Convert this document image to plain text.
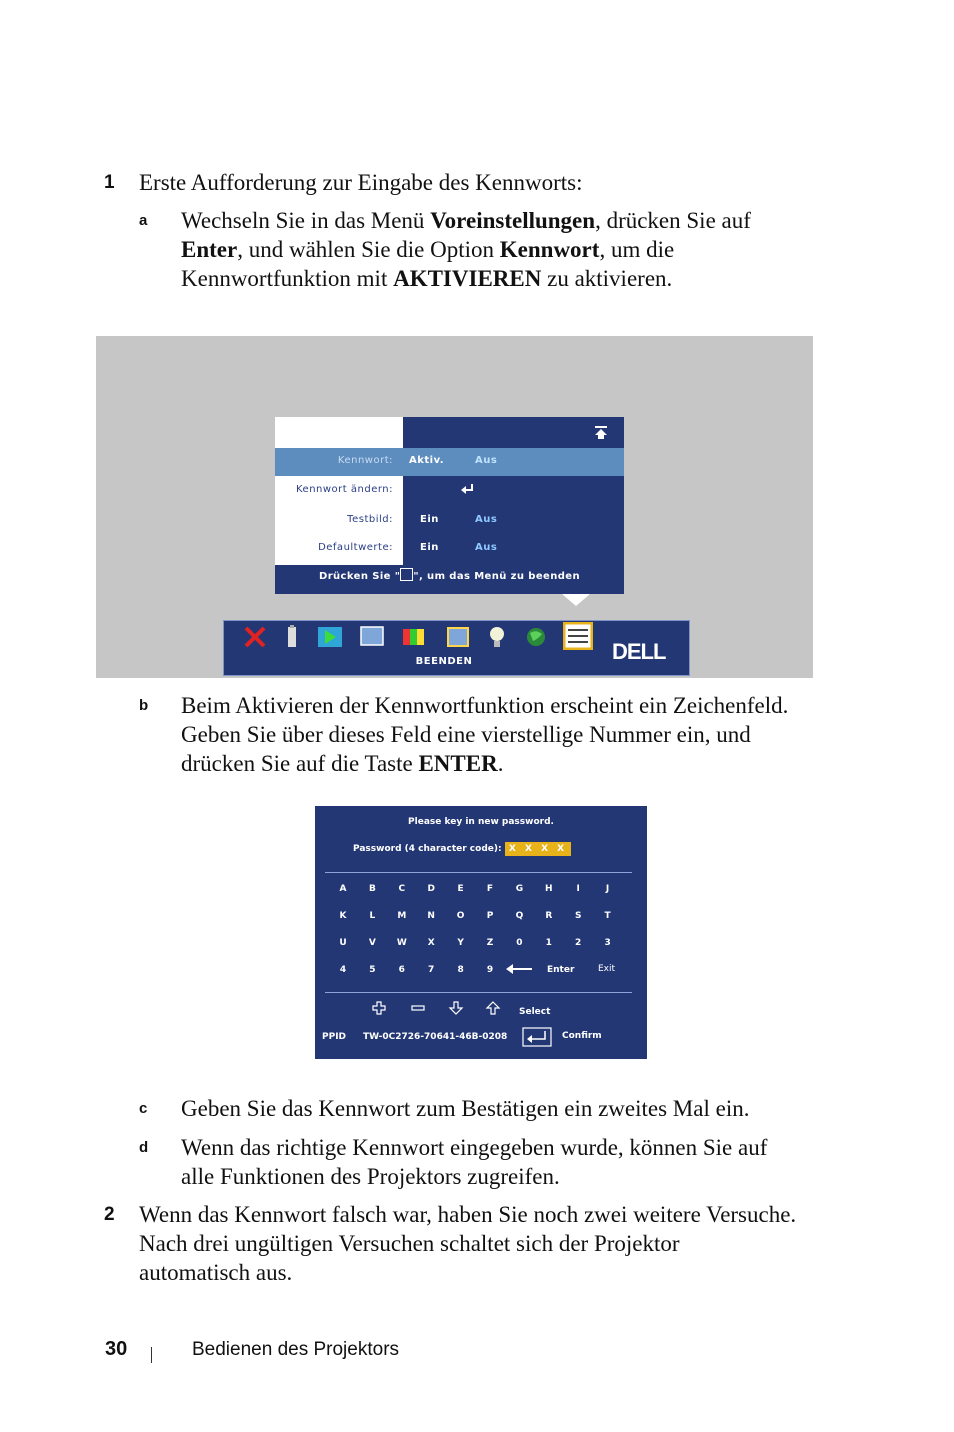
1 Erste Aufforderung zur Eingabe des Kennworts:
a Wechseln Sie in das Menü Voreinstellungen, drücken Sie auf
Enter, und wählen Sie die Option Kennwort, um die
Kennwortfunktion mit AKTIVIEREN zu aktivieren.
Kennwort: Aktiv.	Aus
Kennwort ändern:
Testbild:	Ein	Aus
Defaultwerte:	Ein	Aus
Drücken Sie " ", um das Menü zu beenden
DELL
BEENDEN
b Beim Aktivieren der Kennwortfunktion erscheint ein Zeichenfeld.
Geben Sie über dieses Feld eine vierstellige Nummer ein, und
drücken Sie auf die Taste ENTER.
Please key in new password.
Password (4 character code): X X X X
A	B	C	D	E	F	G	H	I	J
K	L	M	N	O	P	Q	R	S	T
U	V	W	X	Y	Z	0	1	2	3
4	5	6	7	8	9	Enter	Exit
Select
PPID TW-0C2726-70641-46B-0208	Confirm
c Geben Sie das Kennwort zum Bestätigen ein zweites Mal ein.
d Wenn das richtige Kennwort eingegeben wurde, können Sie auf
alle Funktionen des Projektors zugreifen.
2 Wenn das Kennwort falsch war, haben Sie noch zwei weitere Versuche.
Nach drei ungültigen Versuchen schaltet sich der Projektor
automatisch aus.
30	Bedienen des Projektors
